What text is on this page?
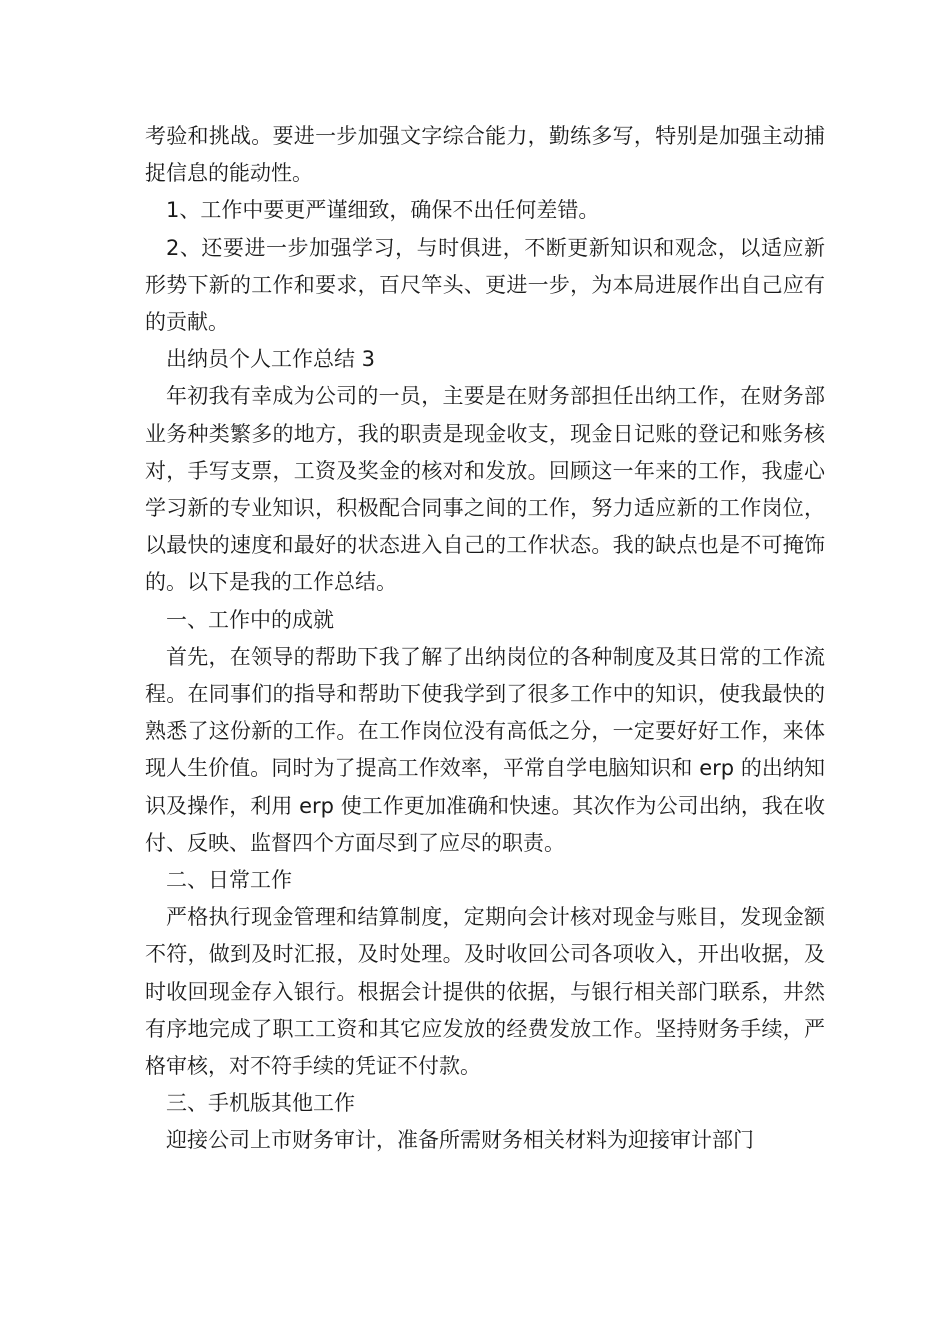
考验和挑战。要进一步加强文字综合能力，勤练多写，特别是加强主动捕捉信息的能动性。

1、工作中要更严谨细致，确保不出任何差错。

2、还要进一步加强学习，与时俱进，不断更新知识和观念，以适应新形势下新的工作和要求，百尺竿头、更进一步，为本局进展作出自己应有的贡献。

出纳员个人工作总结 3

年初我有幸成为公司的一员，主要是在财务部担任出纳工作，在财务部业务种类繁多的地方，我的职责是现金收支，现金日记账的登记和账务核对，手写支票，工资及奖金的核对和发放。回顾这一年来的工作，我虚心学习新的专业知识，积极配合同事之间的工作，努力适应新的工作岗位，以最快的速度和最好的状态进入自己的工作状态。我的缺点也是不可掩饰的。以下是我的工作总结。

一、工作中的成就

首先，在领导的帮助下我了解了出纳岗位的各种制度及其日常的工作流程。在同事们的指导和帮助下使我学到了很多工作中的知识，使我最快的熟悉了这份新的工作。在工作岗位没有高低之分，一定要好好工作，来体现人生价值。同时为了提高工作效率，平常自学电脑知识和 erp 的出纳知识及操作，利用 erp 使工作更加准确和快速。其次作为公司出纳，我在收付、反映、监督四个方面尽到了应尽的职责。

二、日常工作

严格执行现金管理和结算制度，定期向会计核对现金与账目，发现金额不符，做到及时汇报，及时处理。及时收回公司各项收入，开出收据，及时收回现金存入银行。根据会计提供的依据，与银行相关部门联系，井然有序地完成了职工工资和其它应发放的经费发放工作。坚持财务手续，严格审核，对不符手续的凭证不付款。

三、手机版其他工作

迎接公司上市财务审计，准备所需财务相关材料为迎接审计部门
